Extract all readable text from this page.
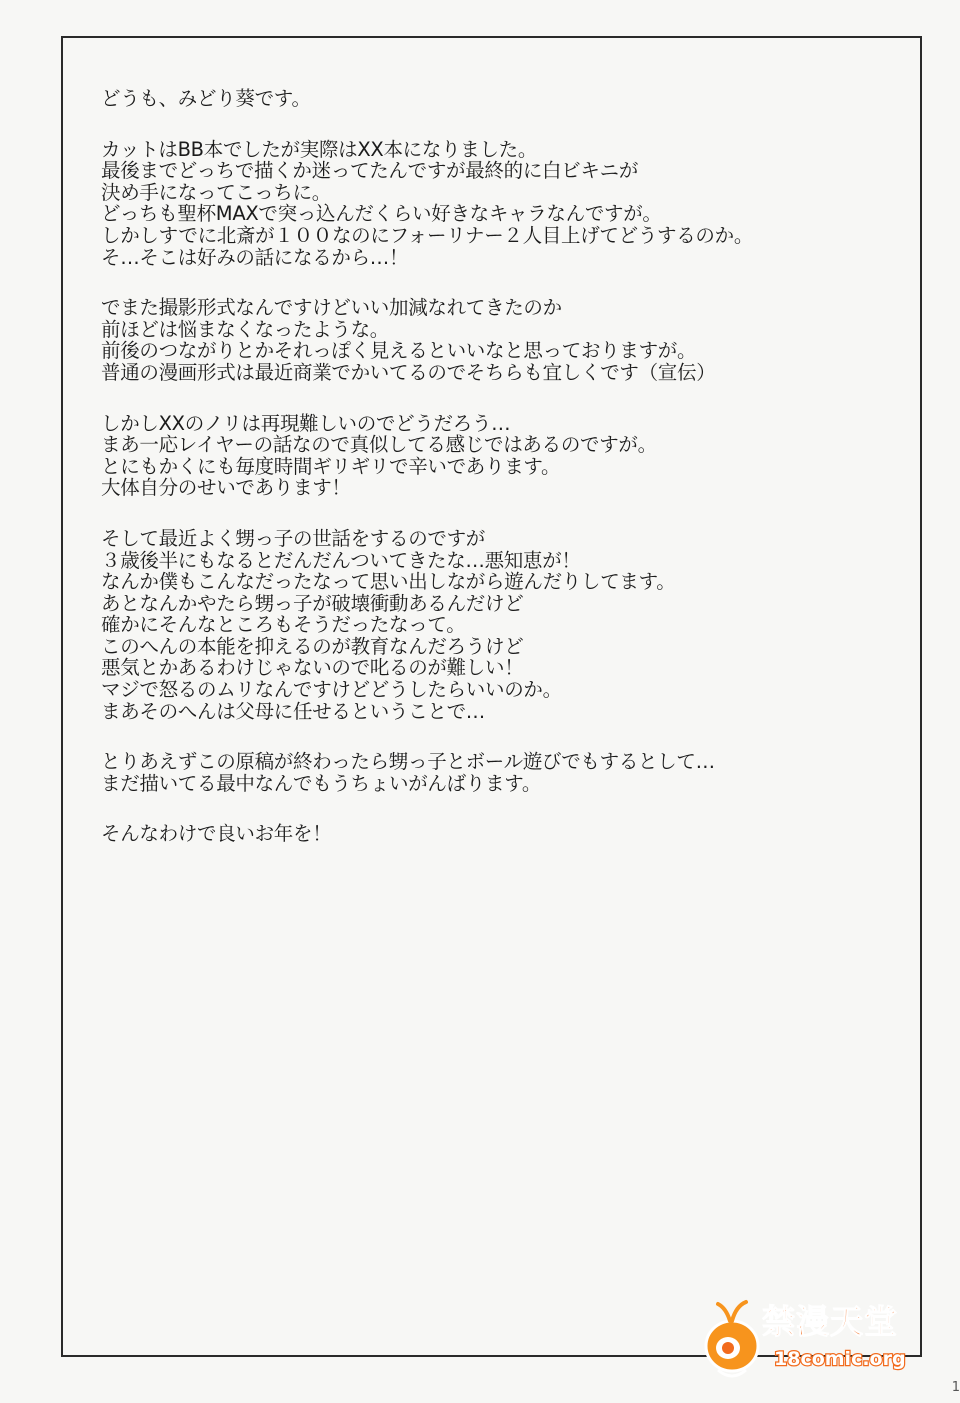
どうも、みどり葵です。
カットはBB本でしたが実際はXX本になりました。
最後までどっちで描くか迷ってたんですが最終的に白ビキニが
決め手になってこっちに。
どっちも聖杯MAXで突っ込んだくらい好きなキャラなんですが。
しかしすでに北斎が１００なのにフォーリナー２人目上げてどうするのか。
そ…そこは好みの話になるから…！
でまた撮影形式なんですけどいい加減なれてきたのか
前ほどは悩まなくなったような。
前後のつながりとかそれっぽく見えるといいなと思っておりますが。
普通の漫画形式は最近商業でかいてるのでそちらも宜しくです（宣伝）
しかしXXのノリは再現難しいのでどうだろう…
まあ一応レイヤーの話なので真似してる感じではあるのですが。
とにもかくにも毎度時間ギリギリで辛いであります。
大体自分のせいであります！
そして最近よく甥っ子の世話をするのですが
３歳後半にもなるとだんだんついてきたな…悪知恵が！
なんか僕もこんなだったなって思い出しながら遊んだりしてます。
あとなんかやたら甥っ子が破壊衝動あるんだけど
確かにそんなところもそうだったなって。
このへんの本能を抑えるのが教育なんだろうけど
悪気とかあるわけじゃないので叱るのが難しい！
マジで怒るのムリなんですけどどうしたらいいのか。
まあそのへんは父母に任せるということで…
とりあえずこの原稿が終わったら甥っ子とボール遊びでもするとして…
まだ描いてる最中なんでもうちょいがんばります。
そんなわけで良いお年を！
禁漫天堂
18comic.org
1
